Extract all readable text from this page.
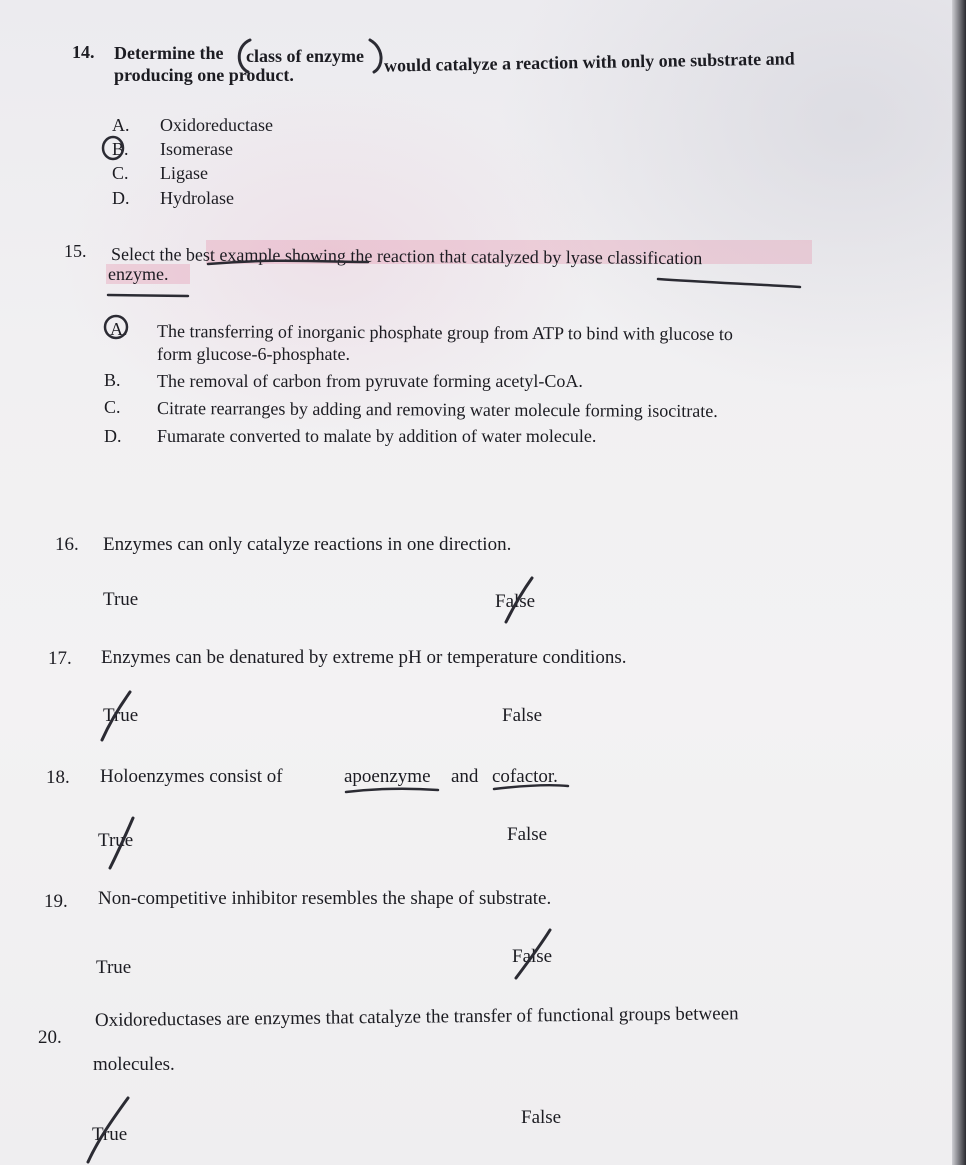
14. Determine the class of enzyme would catalyze a reaction with only one substrate and
producing one product.
A. Oxidoreductase
B. Isomerase
C. Ligase
D. Hydrolase
15. Select the best example showing the reaction that catalyzed by lyase classification
enzyme.
A. The transferring of inorganic phosphate group from ATP to bind with glucose to
form glucose-6-phosphate.
B. The removal of carbon from pyruvate forming acetyl-CoA.
C. Citrate rearranges by adding and removing water molecule forming isocitrate.
D. Fumarate converted to malate by addition of water molecule.
16. Enzymes can only catalyze reactions in one direction.
True	False
17. Enzymes can be denatured by extreme pH or temperature conditions.
True	False
18. Holoenzymes consist of	apoenzyme and cofactor.
True	False
19. Non-competitive inhibitor resembles the shape of substrate.
True
False
20.
Oxidoreductases are enzymes that catalyze the transfer of functional groups between
molecules.
True
False
